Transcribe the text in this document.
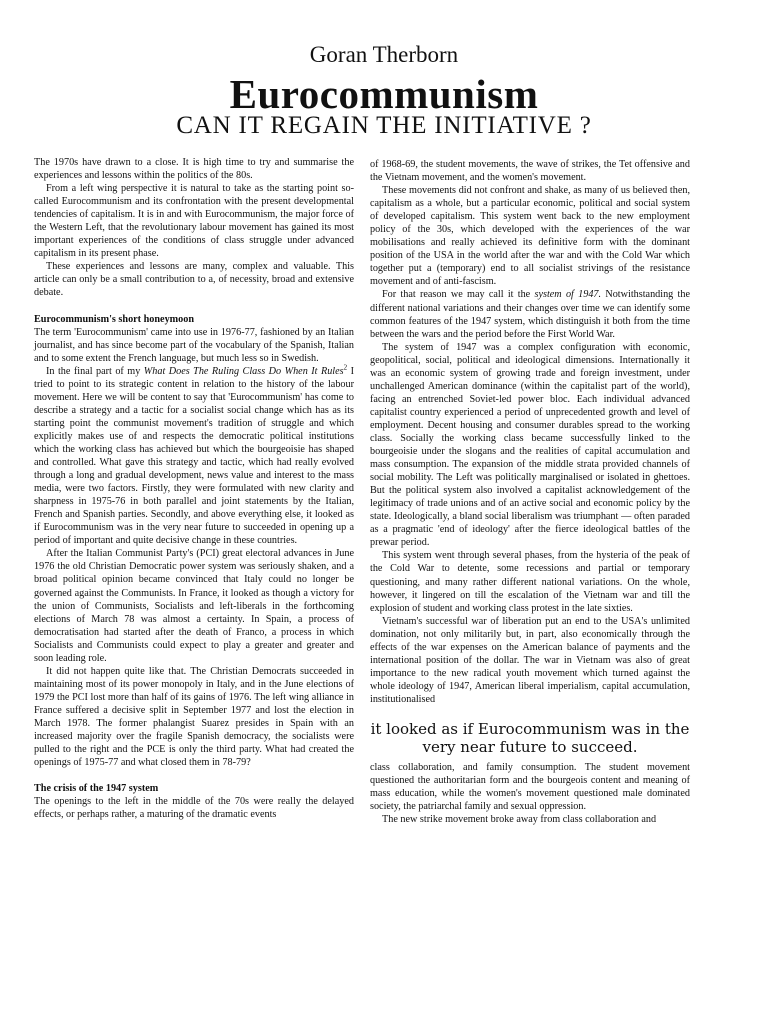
Goran Therborn
Eurocommunism
CAN IT REGAIN THE INITIATIVE ?

The 1970s have drawn to a close. It is high time to try and summarise the experiences and lessons within the politics of the 80s.

From a left wing perspective it is natural to take as the starting point so-called Eurocommunism and its confrontation with the present developmental tendencies of capitalism. It is in and with Eurocommunism, the major force of the Western Left, that the revolutionary labour movement has gained its most important experiences of the conditions of class struggle under advanced capitalism in its present phase.

These experiences and lessons are many, complex and valuable. This article can only be a small contribution to a, of necessity, broad and extensive debate.

Eurocommunism's short honeymoon

The term 'Eurocommunism' came into use in 1976-77, fashioned by an Italian journalist, and has since become part of the vocabulary of the Spanish, Italian and to some extent the French language, but much less so in Swedish.

In the final part of my What Does The Ruling Class Do When It Rules$^2$ I tried to point to its strategic content in relation to the history of the labour movement. Here we will be content to say that 'Eurocommunism' has come to describe a strategy and a tactic for a socialist social change which has as its starting point the communist movement's tradition of struggle and which explicitly makes use of and respects the democratic political institutions which the working class has achieved but which the bourgeoisie has shaped and controlled. What gave this strategy and tactic, which had really evolved through a long and gradual development, news value and interest to the mass media, were two factors. Firstly, they were formulated with new clarity and sharpness in 1975-76 in both parallel and joint statements by the Italian, French and Spanish parties. Secondly, and above everything else, it looked as if Eurocommunism was in the very near future to succeeded in opening up a period of important and quite decisive change in these countries.

After the Italian Communist Party's (PCI) great electoral advances in June 1976 the old Christian Democratic power system was seriously shaken, and a broad political opinion became convinced that Italy could no longer be governed against the Communists. In France, it looked as though a victory for the union of Communists, Socialists and left-liberals in the forthcoming elections of March 78 was almost a certainty. In Spain, a process of democratisation had started after the death of Franco, a process in which Socialists and Communists could expect to play a greater and greater and soon leading role.

It did not happen quite like that. The Christian Democrats succeeded in maintaining most of its power monopoly in Italy, and in the June elections of 1979 the PCI lost more than half of its gains of 1976. The left wing alliance in France suffered a decisive split in September 1977 and lost the election in March 1978. The former phalangist Suarez presides in Spain with an increased majority over the fragile Spanish democracy, the socialists were pulled to the right and the PCE is only the third party. What had created the openings of 1975-77 and what closed them in 78-79?

The crisis of the 1947 system

The openings to the left in the middle of the 70s were really the delayed effects, or perhaps rather, a maturing of the dramatic events

of 1968-69, the student movements, the wave of strikes, the Tet offensive and the Vietnam movement, and the women's movement.

These movements did not confront and shake, as many of us believed then, capitalism as a whole, but a particular economic, political and social system of developed capitalism. This system went back to the new employment policy of the 30s, which developed with the experiences of the war mobilisations and really achieved its definitive form with the dominant position of the USA in the world after the war and with the Cold War which together put a (temporary) end to all socialist strivings of the resistance movement and of anti-fascism.

For that reason we may call it the system of 1947. Notwithstanding the different national variations and their changes over time we can identify some common features of the 1947 system, which distinguish it both from the time between the wars and the period before the First World War.

The system of 1947 was a complex configuration with economic, geopolitical, social, political and ideological dimensions. Internationally it was an economic system of growing trade and foreign investment, under unchallenged American dominance (within the capitalist part of the world), facing an entrenched Soviet-led power bloc. Each individual advanced capitalist country experienced a period of unprecedented growth and level of employment. Decent housing and consumer durables spread to the working class. Socially the working class became successfully linked to the bourgeoisie under the slogans and the realities of capital accumulation and mass consumption. The expansion of the middle strata provided channels of social mobility. The Left was politically marginalised or isolated in ghettoes. But the political system also involved a capitalist acknowledgement of the legitimacy of trade unions and of an active social and economic policy by the state. Ideologically, a bland social liberalism was triumphant — often paraded as a pragmatic 'end of ideology' after the fierce ideological battles of the prewar period.

This system went through several phases, from the hysteria of the peak of the Cold War to detente, some recessions and partial or temporary questioning, and many rather different national variations. On the whole, however, it lingered on till the escalation of the Vietnam war and till the explosion of student and working class protest in the late sixties.

Vietnam's successful war of liberation put an end to the USA's unlimited domination, not only militarily but, in part, also economically through the effects of the war expenses on the American balance of payments and the international position of the dollar. The war in Vietnam was also of great importance to the new radical youth movement which turned against the whole ideology of 1947, American liberal imperialism, capital accumulation, institutionalised

it looked as if Eurocommunism was in the very near future to succeed.

class collaboration, and family consumption. The student movement questioned the authoritarian form and the bourgeois content and meaning of mass education, while the women's movement questioned male dominated society, the patriarchal family and sexual oppression.

The new strike movement broke away from class collaboration and
